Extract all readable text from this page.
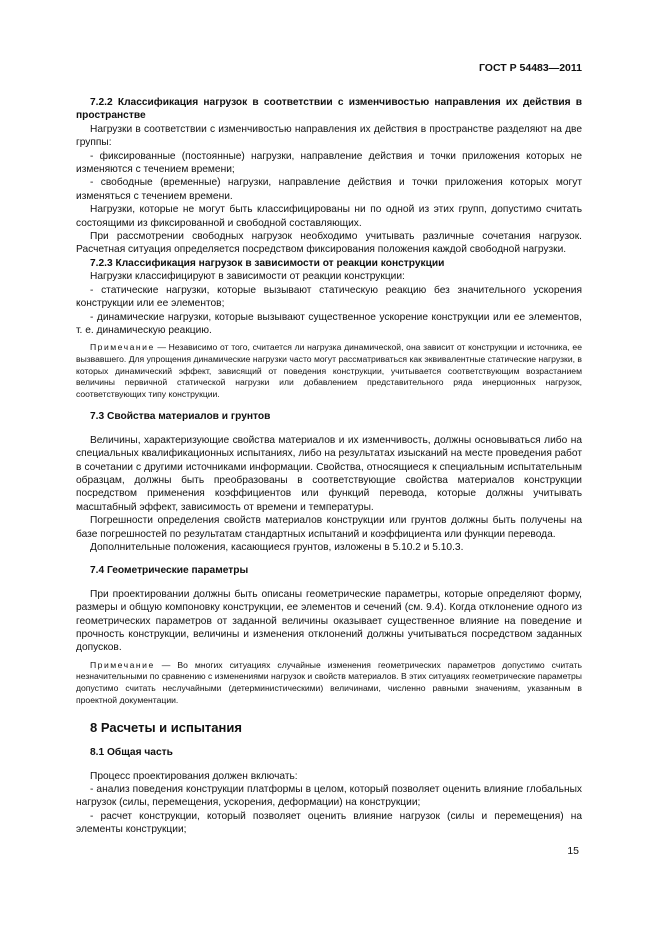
ГОСТ Р 54483—2011

7.2.2 Классификация нагрузок в соответствии с изменчивостью направления их действия в пространстве

Нагрузки в соответствии с изменчивостью направления их действия в пространстве разделяют на две группы:

- фиксированные (постоянные) нагрузки, направление действия и точки приложения которых не изменяются с течением времени;

- свободные (временные) нагрузки, направление действия и точки приложения которых могут изменяться с течением времени.

Нагрузки, которые не могут быть классифицированы ни по одной из этих групп, допустимо считать состоящими из фиксированной и свободной составляющих.

При рассмотрении свободных нагрузок необходимо учитывать различные сочетания нагрузок. Расчетная ситуация определяется посредством фиксирования положения каждой свободной нагрузки.

7.2.3 Классификация нагрузок в зависимости от реакции конструкции

Нагрузки классифицируют в зависимости от реакции конструкции:

- статические нагрузки, которые вызывают статическую реакцию без значительного ускорения конструкции или ее элементов;

- динамические нагрузки, которые вызывают существенное ускорение конструкции или ее элементов, т. е. динамическую реакцию.

Примечание — Независимо от того, считается ли нагрузка динамической, она зависит от конструкции и источника, ее вызвавшего. Для упрощения динамические нагрузки часто могут рассматриваться как эквивалентные статические нагрузки, в которых динамический эффект, зависящий от поведения конструкции, учитывается соответствующим возрастанием величины первичной статической нагрузки или добавлением представительного ряда инерционных нагрузок, соответствующих типу конструкции.

7.3 Свойства материалов и грунтов

Величины, характеризующие свойства материалов и их изменчивость, должны основываться либо на специальных квалификационных испытаниях, либо на результатах изысканий на месте проведения работ в сочетании с другими источниками информации. Свойства, относящиеся к специальным испытательным образцам, должны быть преобразованы в соответствующие свойства материалов конструкции посредством применения коэффициентов или функций перевода, которые должны учитывать масштабный эффект, зависимость от времени и температуры.

Погрешности определения свойств материалов конструкции или грунтов должны быть получены на базе погрешностей по результатам стандартных испытаний и коэффициента или функции перевода.

Дополнительные положения, касающиеся грунтов, изложены в 5.10.2 и 5.10.3.

7.4 Геометрические параметры

При проектировании должны быть описаны геометрические параметры, которые определяют форму, размеры и общую компоновку конструкции, ее элементов и сечений (см. 9.4). Когда отклонение одного из геометрических параметров от заданной величины оказывает существенное влияние на поведение и прочность конструкции, величины и изменения отклонений должны учитываться посредством заданных допусков.

Примечание — Во многих ситуациях случайные изменения геометрических параметров допустимо считать незначительными по сравнению с изменениями нагрузок и свойств материалов. В этих ситуациях геометрические параметры допустимо считать неслучайными (детерминистическими) величинами, численно равными значениям, указанным в проектной документации.

8 Расчеты и испытания

8.1 Общая часть

Процесс проектирования должен включать:

- анализ поведения конструкции платформы в целом, который позволяет оценить влияние глобальных нагрузок (силы, перемещения, ускорения, деформации) на конструкции;

- расчет конструкции, который позволяет оценить влияние нагрузок (силы и перемещения) на элементы конструкции;

15
